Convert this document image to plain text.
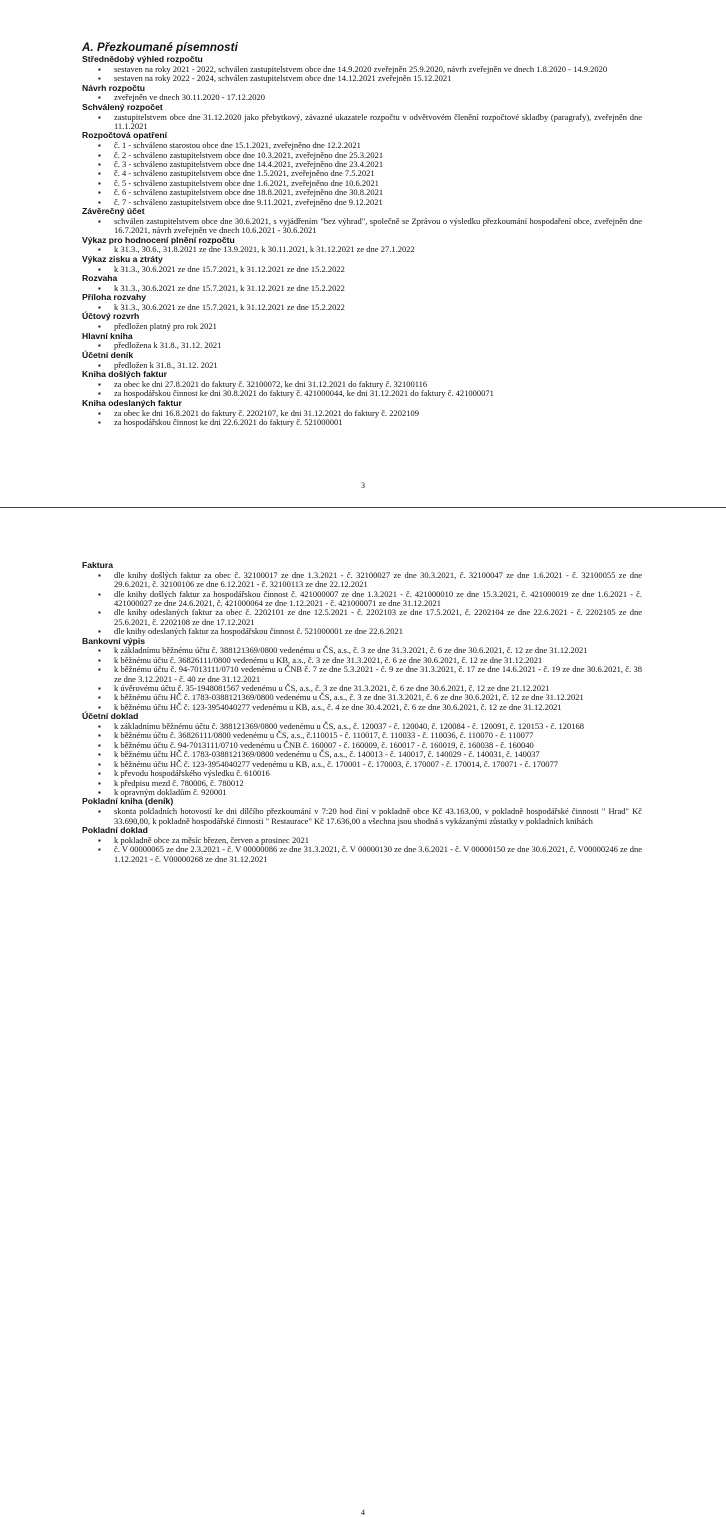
A. Přezkoumané písemnosti
Střednědobý výhled rozpočtu
▪ sestaven na roky 2021 - 2022, schválen zastupitelstvem obce dne 14.9.2020 zveřejněn 25.9.2020, návrh zveřejněn ve dnech 1.8.2020 - 14.9.2020
▪ sestaven na roky 2022 - 2024, schválen zastupitelstvem obce dne 14.12.2021 zveřejněn 15.12.2021
Návrh rozpočtu
▪ zveřejněn ve dnech 30.11.2020 - 17.12.2020
Schválený rozpočet
▪ zastupitelstvem obce dne 31.12.2020 jako přebytkový, závazné ukazatele rozpočtu v odvětvovém členění rozpočtové skladby (paragrafy), zveřejněn dne 11.1.2021
Rozpočtová opatření
▪ č. 1 - schváleno starostou obce dne 15.1.2021, zveřejněno dne 12.2.2021
▪ č. 2 - schváleno zastupitelstvem obce dne 10.3.2021, zveřejněno dne 25.3.2021
▪ č. 3 - schváleno zastupitelstvem obce dne 14.4.2021, zveřejněno dne 23.4.2021
▪ č. 4 - schváleno zastupitelstvem obce dne 1.5.2021, zveřejněno dne 7.5.2021
▪ č. 5 - schváleno zastupitelstvem obce dne 1.6.2021, zveřejněno dne 10.6.2021
▪ č. 6 - schváleno zastupitelstvem obce dne 18.8.2021, zveřejněno dne 30.8.2021
▪ č. 7 - schváleno zastupitelstvem obce dne 9.11.2021, zveřejněno dne 9.12.2021
Závěrečný účet
▪ schválen zastupitelstvem obce dne 30.6.2021, s vyjádřením "bez výhrad", společně se Zprávou o výsledku přezkoumání hospodaření obce, zveřejněn dne 16.7.2021, návrh zveřejněn ve dnech 10.6.2021 - 30.6.2021
Výkaz pro hodnocení plnění rozpočtu
▪ k 31.3., 30.6., 31.8.2021 ze dne 13.9.2021, k 30.11.2021, k 31.12.2021 ze dne 27.1.2022
Výkaz zisku a ztráty
▪ k 31.3., 30.6.2021 ze dne 15.7.2021, k 31.12.2021 ze dne 15.2.2022
Rozvaha
▪ k 31.3., 30.6.2021 ze dne 15.7.2021, k 31.12.2021 ze dne 15.2.2022
Příloha rozvahy
▪ k 31.3., 30.6.2021 ze dne 15.7.2021, k 31.12.2021 ze dne 15.2.2022
Účtový rozvrh
▪ předložen platný pro rok 2021
Hlavní kniha
▪ předložena k 31.8., 31.12. 2021
Účetní deník
▪ předložen k 31.8., 31.12. 2021
Kniha došlých faktur
▪ za obec ke dni 27.8.2021 do faktury č. 32100072, ke dni 31.12.2021 do faktury č. 32100116
▪ za hospodářskou činnost ke dni 30.8.2021 do faktury č. 421000044, ke dni 31.12.2021 do faktury č. 421000071
Kniha odeslaných faktur
▪ za obec ke dni 16.8.2021 do faktury č. 2202107, ke dni 31.12.2021 do faktury č. 2202109
▪ za hospodářskou činnost ke dni 22.6.2021 do faktury č. 521000001
3
Faktura
▪ dle knihy došlých faktur za obec č. 32100017 ze dne 1.3.2021 - č. 32100027 ze dne 30.3.2021, č. 32100047 ze dne 1.6.2021 - č. 32100055 ze dne 29.6.2021, č. 32100106 ze dne 6.12.2021 - č. 32100113 ze dne 22.12.2021
▪ dle knihy došlých faktur za hospodářskou činnost č. 421000007 ze dne 1.3.2021 - č. 421000010 ze dne 15.3.2021, č. 421000019 ze dne 1.6.2021 - č. 421000027 ze dne 24.6.2021, č. 421000064 ze dne 1.12.2021 - č. 421000071 ze dne 31.12.2021
▪ dle knihy odeslaných faktur za obec č. 2202101 ze dne 12.5.2021 - č. 2202103 ze dne 17.5.2021, č. 2202104 ze dne 22.6.2021 - č. 2202105 ze dne 25.6.2021, č. 2202108 ze dne 17.12.2021
▪ dle knihy odeslaných faktur za hospodářskou činnost č. 521000001 ze dne 22.6.2021
Bankovní výpis
▪ k základnímu běžnému účtu č. 388121369/0800 vedenému u ČS, a.s., č. 3 ze dne 31.3.2021, č. 6 ze dne 30.6.2021, č. 12 ze dne 31.12.2021
▪ k běžnému účtu č. 36826111/0800 vedenému u KB, a.s., č. 3 ze dne 31.3.2021, č. 6 ze dne 30.6.2021, č. 12 ze dne 31.12.2021
▪ k běžnému účtu č. 94-7013111/0710 vedenému u ČNB č. 7 ze dne 5.3.2021 - č. 9 ze dne 31.3.2021, č. 17 ze dne 14.6.2021 - č. 19 ze dne 30.6.2021, č. 38 ze dne 3.12.2021 - č. 40 ze dne 31.12.2021
▪ k úvěrovému účtu č. 35-1948081567 vedenému u ČS, a.s., č. 3 ze dne 31.3.2021, č. 6 ze dne 30.6.2021, č. 12 ze dne 21.12.2021
▪ k běžnému účtu HČ č. 1783-0388121369/0800 vedenému u ČS, a.s., č. 3 ze dne 31.3.2021, č. 6 ze dne 30.6.2021, č. 12 ze dne 31.12.2021
▪ k běžnému účtu HČ č. 123-3954040277 vedenému u KB, a.s., č. 4 ze dne 30.4.2021, č. 6 ze dne 30.6.2021, č. 12 ze dne 31.12.2021
Účetní doklad
▪ k základnímu běžnému účtu č. 388121369/0800 vedenému u ČS, a.s., č. 120037 - č. 120040, č. 120084 - č. 120091, č. 120153 - č. 120168
▪ k běžnému účtu č. 36826111/0800 vedenému u ČS, a.s., č.110015 - č. 110017, č. 110033 - č. 110036, č. 110070 - č. 110077
▪ k běžnému účtu č. 94-7013111/0710 vedenému u ČNB č. 160007 - č. 160009, č. 160017 - č. 160019, č. 160038 - č. 160040
▪ k běžnému účtu HČ č. 1783-0388121369/0800 vedenému u ČS, a.s., č. 140013 - č. 140017, č. 140029 - č. 140031, č. 140037
▪ k běžnému účtu HČ č. 123-3954040277 vedenému u KB, a.s., č. 170001 - č. 170003, č. 170007 - č. 170014, č. 170071 - č. 170077
▪ k převodu hospodářského výsledku č. 610016
▪ k předpisu mezd č. 780006, č. 780012
▪ k opravným dokladům č. 920001
Pokladní kniha (deník)
▪ skonta pokladních hotovostí ke dni dílčího přezkoumání v 7:20 hod činí v pokladně obce Kč 43.163,00, v pokladně hospodářské činnosti " Hrad" Kč 33.690,00, k pokladně hospodářské činnosti " Restaurace" Kč 17.636,00 a všechna jsou shodná s vykázanými zůstatky v pokladních knihách
Pokladní doklad
▪ k pokladně obce za měsíc březen, červen a prosinec 2021
▪ č. V 00000065 ze dne 2.3.2021 - č. V 00000086 ze dne 31.3.2021, č. V 00000130 ze dne 3.6.2021 - č. V 00000150 ze dne 30.6.2021, č. V00000246 ze dne 1.12.2021 - č. V00000268 ze dne 31.12.2021
4
